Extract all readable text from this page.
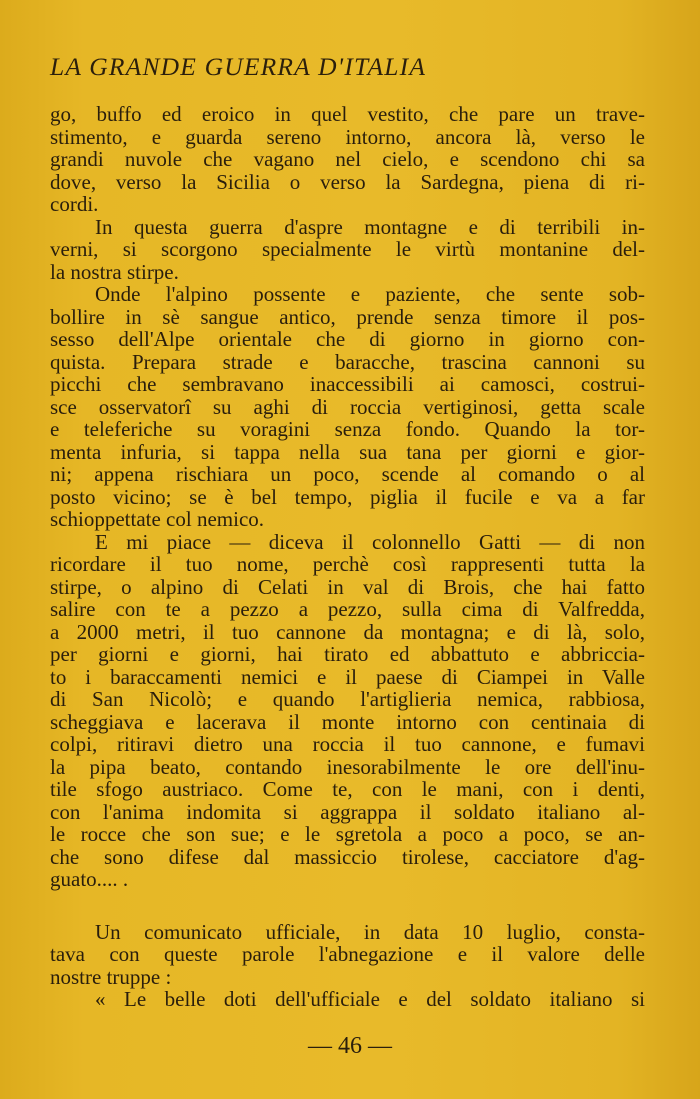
LA GRANDE GUERRA D'ITALIA
go, buffo ed eroico in quel vestito, che pare un trave-
stimento, e guarda sereno intorno, ancora là, verso le
grandi nuvole che vagano nel cielo, e scendono chi sa
dove, verso la Sicilia o verso la Sardegna, piena di ri-
cordi.
In questa guerra d'aspre montagne e di terribili in-
verni, si scorgono specialmente le virtù montanine del-
la nostra stirpe.
Onde l'alpino possente e paziente, che sente sob-
bollire in sè sangue antico, prende senza timore il pos-
sesso dell'Alpe orientale che di giorno in giorno con-
quista. Prepara strade e baracche, trascina cannoni su
picchi che sembravano inaccessibili ai camosci, costrui-
sce osservatorî su aghi di roccia vertiginosi, getta scale
e teleferiche su voragini senza fondo. Quando la tor-
menta infuria, si tappa nella sua tana per giorni e gior-
ni; appena rischiara un poco, scende al comando o al
posto vicino; se è bel tempo, piglia il fucile e va a far
schioppettate col nemico.
E mi piace — diceva il colonnello Gatti — di non
ricordare il tuo nome, perchè così rappresenti tutta la
stirpe, o alpino di Celati in val di Brois, che hai fatto
salire con te a pezzo a pezzo, sulla cima di Valfredda,
a 2000 metri, il tuo cannone da montagna; e di là, solo,
per giorni e giorni, hai tirato ed abbattuto e abbriccia-
to i baraccamenti nemici e il paese di Ciampei in Valle
di San Nicolò; e quando l'artiglieria nemica, rabbiosa,
scheggiava e lacerava il monte intorno con centinaia di
colpi, ritiravi dietro una roccia il tuo cannone, e fumavi
la pipa beato, contando inesorabilmente le ore dell'inu-
tile sfogo austriaco. Come te, con le mani, con i denti,
con l'anima indomita si aggrappa il soldato italiano al-
le rocce che son sue; e le sgretola a poco a poco, se an-
che sono difese dal massiccio tirolese, cacciatore d'ag-
guato.... .
Un comunicato ufficiale, in data 10 luglio, consta-
tava con queste parole l'abnegazione e il valore delle
nostre truppe :
« Le belle doti dell'ufficiale e del soldato italiano si
— 46 —
